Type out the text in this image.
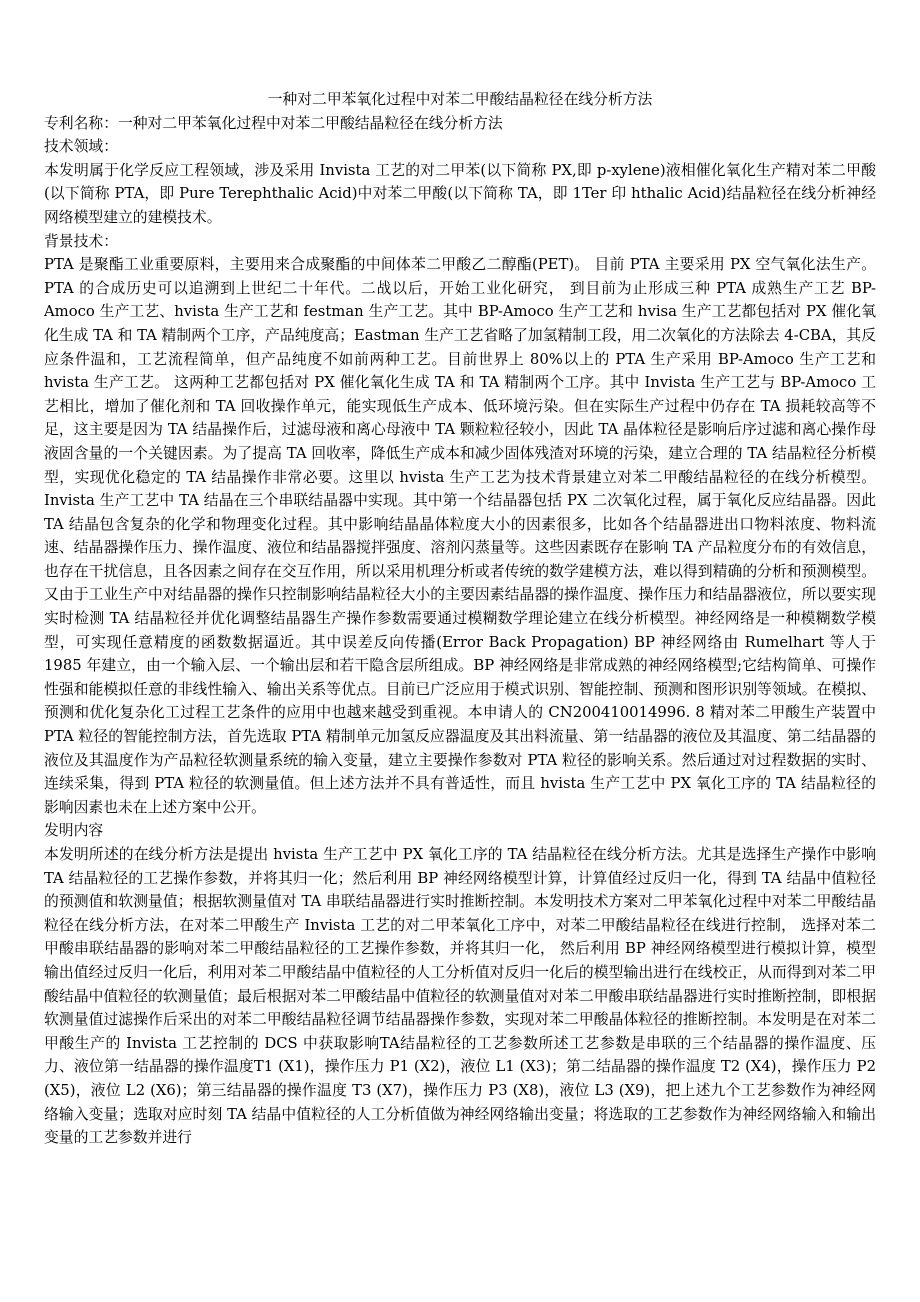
一种对二甲苯氧化过程中对苯二甲酸结晶粒径在线分析方法

专利名称：一种对二甲苯氧化过程中对苯二甲酸结晶粒径在线分析方法

技术领域：

本发明属于化学反应工程领域，涉及采用 Invista 工艺的对二甲苯(以下简称 PX,即 p-xylene)液相催化氧化生产精对苯二甲酸(以下简称 PTA，即 Pure Terephthalic Acid)中对苯二甲酸(以下简称 TA，即 1Ter 印 hthalic Acid)结晶粒径在线分析神经网络模型建立的建模技术。

背景技术：

PTA 是聚酯工业重要原料，主要用来合成聚酯的中间体苯二甲酸乙二醇酯(PET)。 目前 PTA 主要采用 PX 空气氧化法生产。PTA 的合成历史可以追溯到上世纪二十年代。二战以后，开始工业化研究， 到目前为止形成三种 PTA 成熟生产工艺 BP-Amoco 生产工艺、hvista 生产工艺和 festman 生产工艺。其中 BP-Amoco 生产工艺和 hvisa 生产工艺都包括对 PX 催化氧化生成 TA 和 TA 精制两个工序，产品纯度高；Eastman 生产工艺省略了加氢精制工段，用二次氧化的方法除去 4-CBA，其反应条件温和，工艺流程简单，但产品纯度不如前两种工艺。目前世界上 80%以上的 PTA 生产采用 BP-Amoco 生产工艺和 hvista 生产工艺。 这两种工艺都包括对 PX 催化氧化生成 TA 和 TA 精制两个工序。其中 Invista 生产工艺与 BP-Amoco 工艺相比，增加了催化剂和 TA 回收操作单元，能实现低生产成本、低环境污染。但在实际生产过程中仍存在 TA 损耗较高等不足，这主要是因为 TA 结晶操作后，过滤母液和离心母液中 TA 颗粒粒径较小，因此 TA 晶体粒径是影响后序过滤和离心操作母液固含量的一个关键因素。为了提高 TA 回收率，降低生产成本和减少固体残渣对环境的污染，建立合理的 TA 结晶粒径分析模型，实现优化稳定的 TA 结晶操作非常必要。这里以 hvista 生产工艺为技术背景建立对苯二甲酸结晶粒径的在线分析模型。Invista 生产工艺中 TA 结晶在三个串联结晶器中实现。其中第一个结晶器包括 PX 二次氧化过程，属于氧化反应结晶器。因此 TA 结晶包含复杂的化学和物理变化过程。其中影响结晶晶体粒度大小的因素很多，比如各个结晶器进出口物料浓度、物料流速、结晶器操作压力、操作温度、液位和结晶器搅拌强度、溶剂闪蒸量等。这些因素既存在影响 TA 产品粒度分布的有效信息，也存在干扰信息，且各因素之间存在交互作用，所以采用机理分析或者传统的数学建模方法，难以得到精确的分析和预测模型。又由于工业生产中对结晶器的操作只控制影响结晶粒径大小的主要因素结晶器的操作温度、操作压力和结晶器液位，所以要实现实时检测 TA 结晶粒径并优化调整结晶器生产操作参数需要通过模糊数学理论建立在线分析模型。神经网络是一种模糊数学模型，可实现任意精度的函数数据逼近。其中误差反向传播(Error Back Propagation) BP 神经网络由 Rumelhart 等人于 1985 年建立，由一个输入层、一个输出层和若干隐含层所组成。BP 神经网络是非常成熟的神经网络模型;它结构简单、可操作性强和能模拟任意的非线性输入、输出关系等优点。目前已广泛应用于模式识别、智能控制、预测和图形识别等领域。在模拟、预测和优化复杂化工过程工艺条件的应用中也越来越受到重视。本申请人的 CN200410014996. 8 精对苯二甲酸生产装置中 PTA 粒径的智能控制方法，首先选取 PTA 精制单元加氢反应器温度及其出料流量、第一结晶器的液位及其温度、第二结晶器的液位及其温度作为产品粒径软测量系统的输入变量，建立主要操作参数对 PTA 粒径的影响关系。然后通过对过程数据的实时、连续采集，得到 PTA 粒径的软测量值。但上述方法并不具有普适性，而且 hvista 生产工艺中 PX 氧化工序的 TA 结晶粒径的影响因素也未在上述方案中公开。

发明内容

本发明所述的在线分析方法是提出 hvista 生产工艺中 PX 氧化工序的 TA 结晶粒径在线分析方法。尤其是选择生产操作中影响 TA 结晶粒径的工艺操作参数，并将其归一化；然后利用 BP 神经网络模型计算，计算值经过反归一化，得到 TA 结晶中值粒径的预测值和软测量值；根据软测量值对 TA 串联结晶器进行实时推断控制。本发明技术方案对二甲苯氧化过程中对苯二甲酸结晶粒径在线分析方法，在对苯二甲酸生产 Invista 工艺的对二甲苯氧化工序中，对苯二甲酸结晶粒径在线进行控制， 选择对苯二甲酸串联结晶器的影响对苯二甲酸结晶粒径的工艺操作参数，并将其归一化， 然后利用 BP 神经网络模型进行模拟计算，模型输出值经过反归一化后，利用对苯二甲酸结晶中值粒径的人工分析值对反归一化后的模型输出进行在线校正，从而得到对苯二甲酸结晶中值粒径的软测量值；最后根据对苯二甲酸结晶中值粒径的软测量值对对苯二甲酸串联结晶器进行实时推断控制，即根据软测量值过滤操作后采出的对苯二甲酸结晶粒径调节结晶器操作参数，实现对苯二甲酸晶体粒径的推断控制。本发明是在对苯二甲酸生产的 Invista 工艺控制的 DCS 中获取影响TA结晶粒径的工艺参数所述工艺参数是串联的三个结晶器的操作温度、压力、液位第一结晶器的操作温度T1 (X1)，操作压力 P1 (X2)，液位 L1 (X3)；第二结晶器的操作温度 T2 (X4)，操作压力 P2 (X5)，液位 L2 (X6)；第三结晶器的操作温度 T3 (X7)，操作压力 P3 (X8)，液位 L3 (X9)，把上述九个工艺参数作为神经网络输入变量；选取对应时刻 TA 结晶中值粒径的人工分析值做为神经网络输出变量；将选取的工艺参数作为神经网络输入和输出变量的工艺参数并进行
